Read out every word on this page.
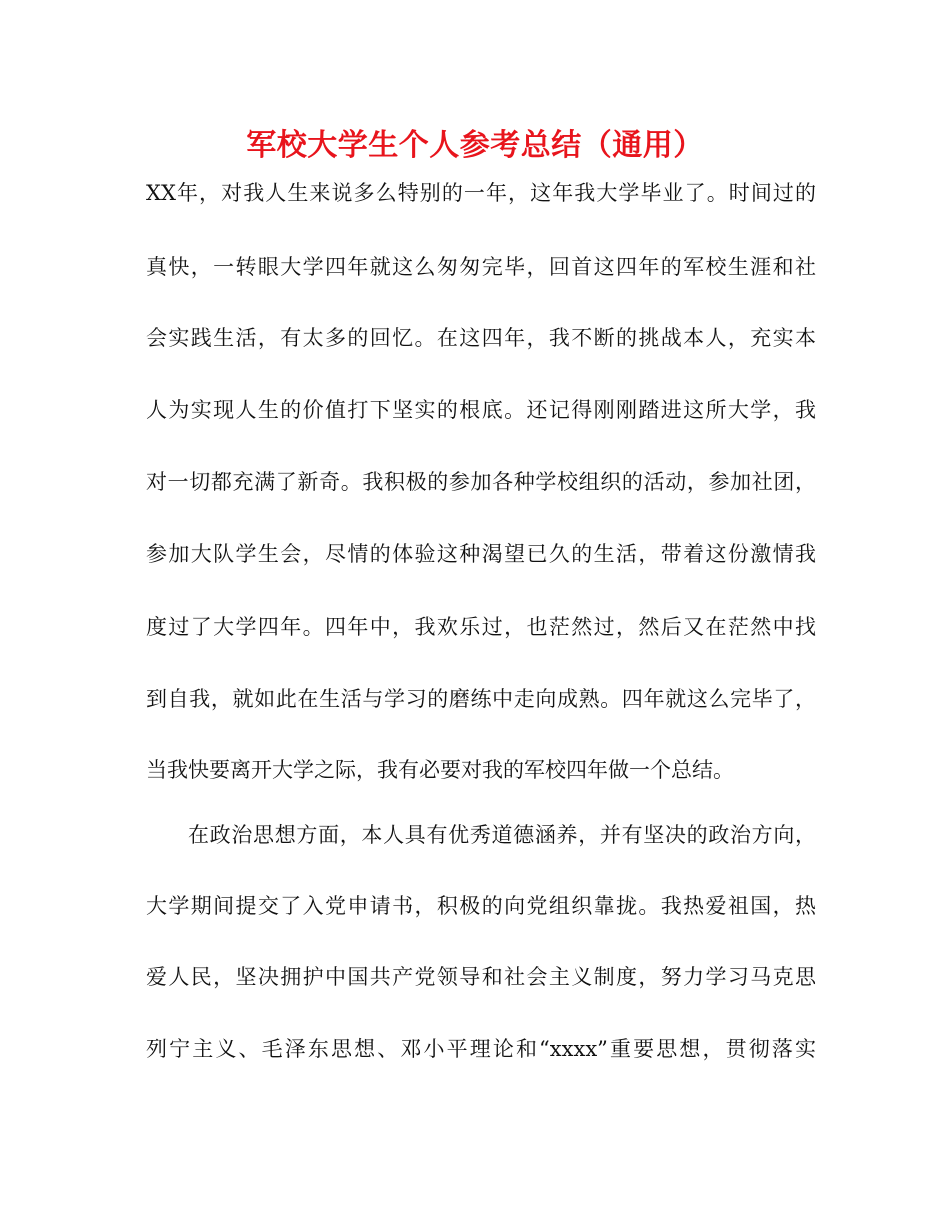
军校大学生个人参考总结（通用）
XX年，对我人生来说多么特别的一年，这年我大学毕业了。时间过的
真快，一转眼大学四年就这么匆匆完毕，回首这四年的军校生涯和社
会实践生活，有太多的回忆。在这四年，我不断的挑战本人，充实本
人为实现人生的价值打下坚实的根底。还记得刚刚踏进这所大学，我
对一切都充满了新奇。我积极的参加各种学校组织的活动，参加社团，
参加大队学生会，尽情的体验这种渴望已久的生活，带着这份激情我
度过了大学四年。四年中，我欢乐过，也茫然过，然后又在茫然中找
到自我，就如此在生活与学习的磨练中走向成熟。四年就这么完毕了，
当我快要离开大学之际，我有必要对我的军校四年做一个总结。
在政治思想方面，本人具有优秀道德涵养，并有坚决的政治方向，
大学期间提交了入党申请书，积极的向党组织靠拢。我热爱祖国，热
爱人民，坚决拥护中国共产党领导和社会主义制度，努力学习马克思
列宁主义、毛泽东思想、邓小平理论和“xxxx”重要思想，贯彻落实
